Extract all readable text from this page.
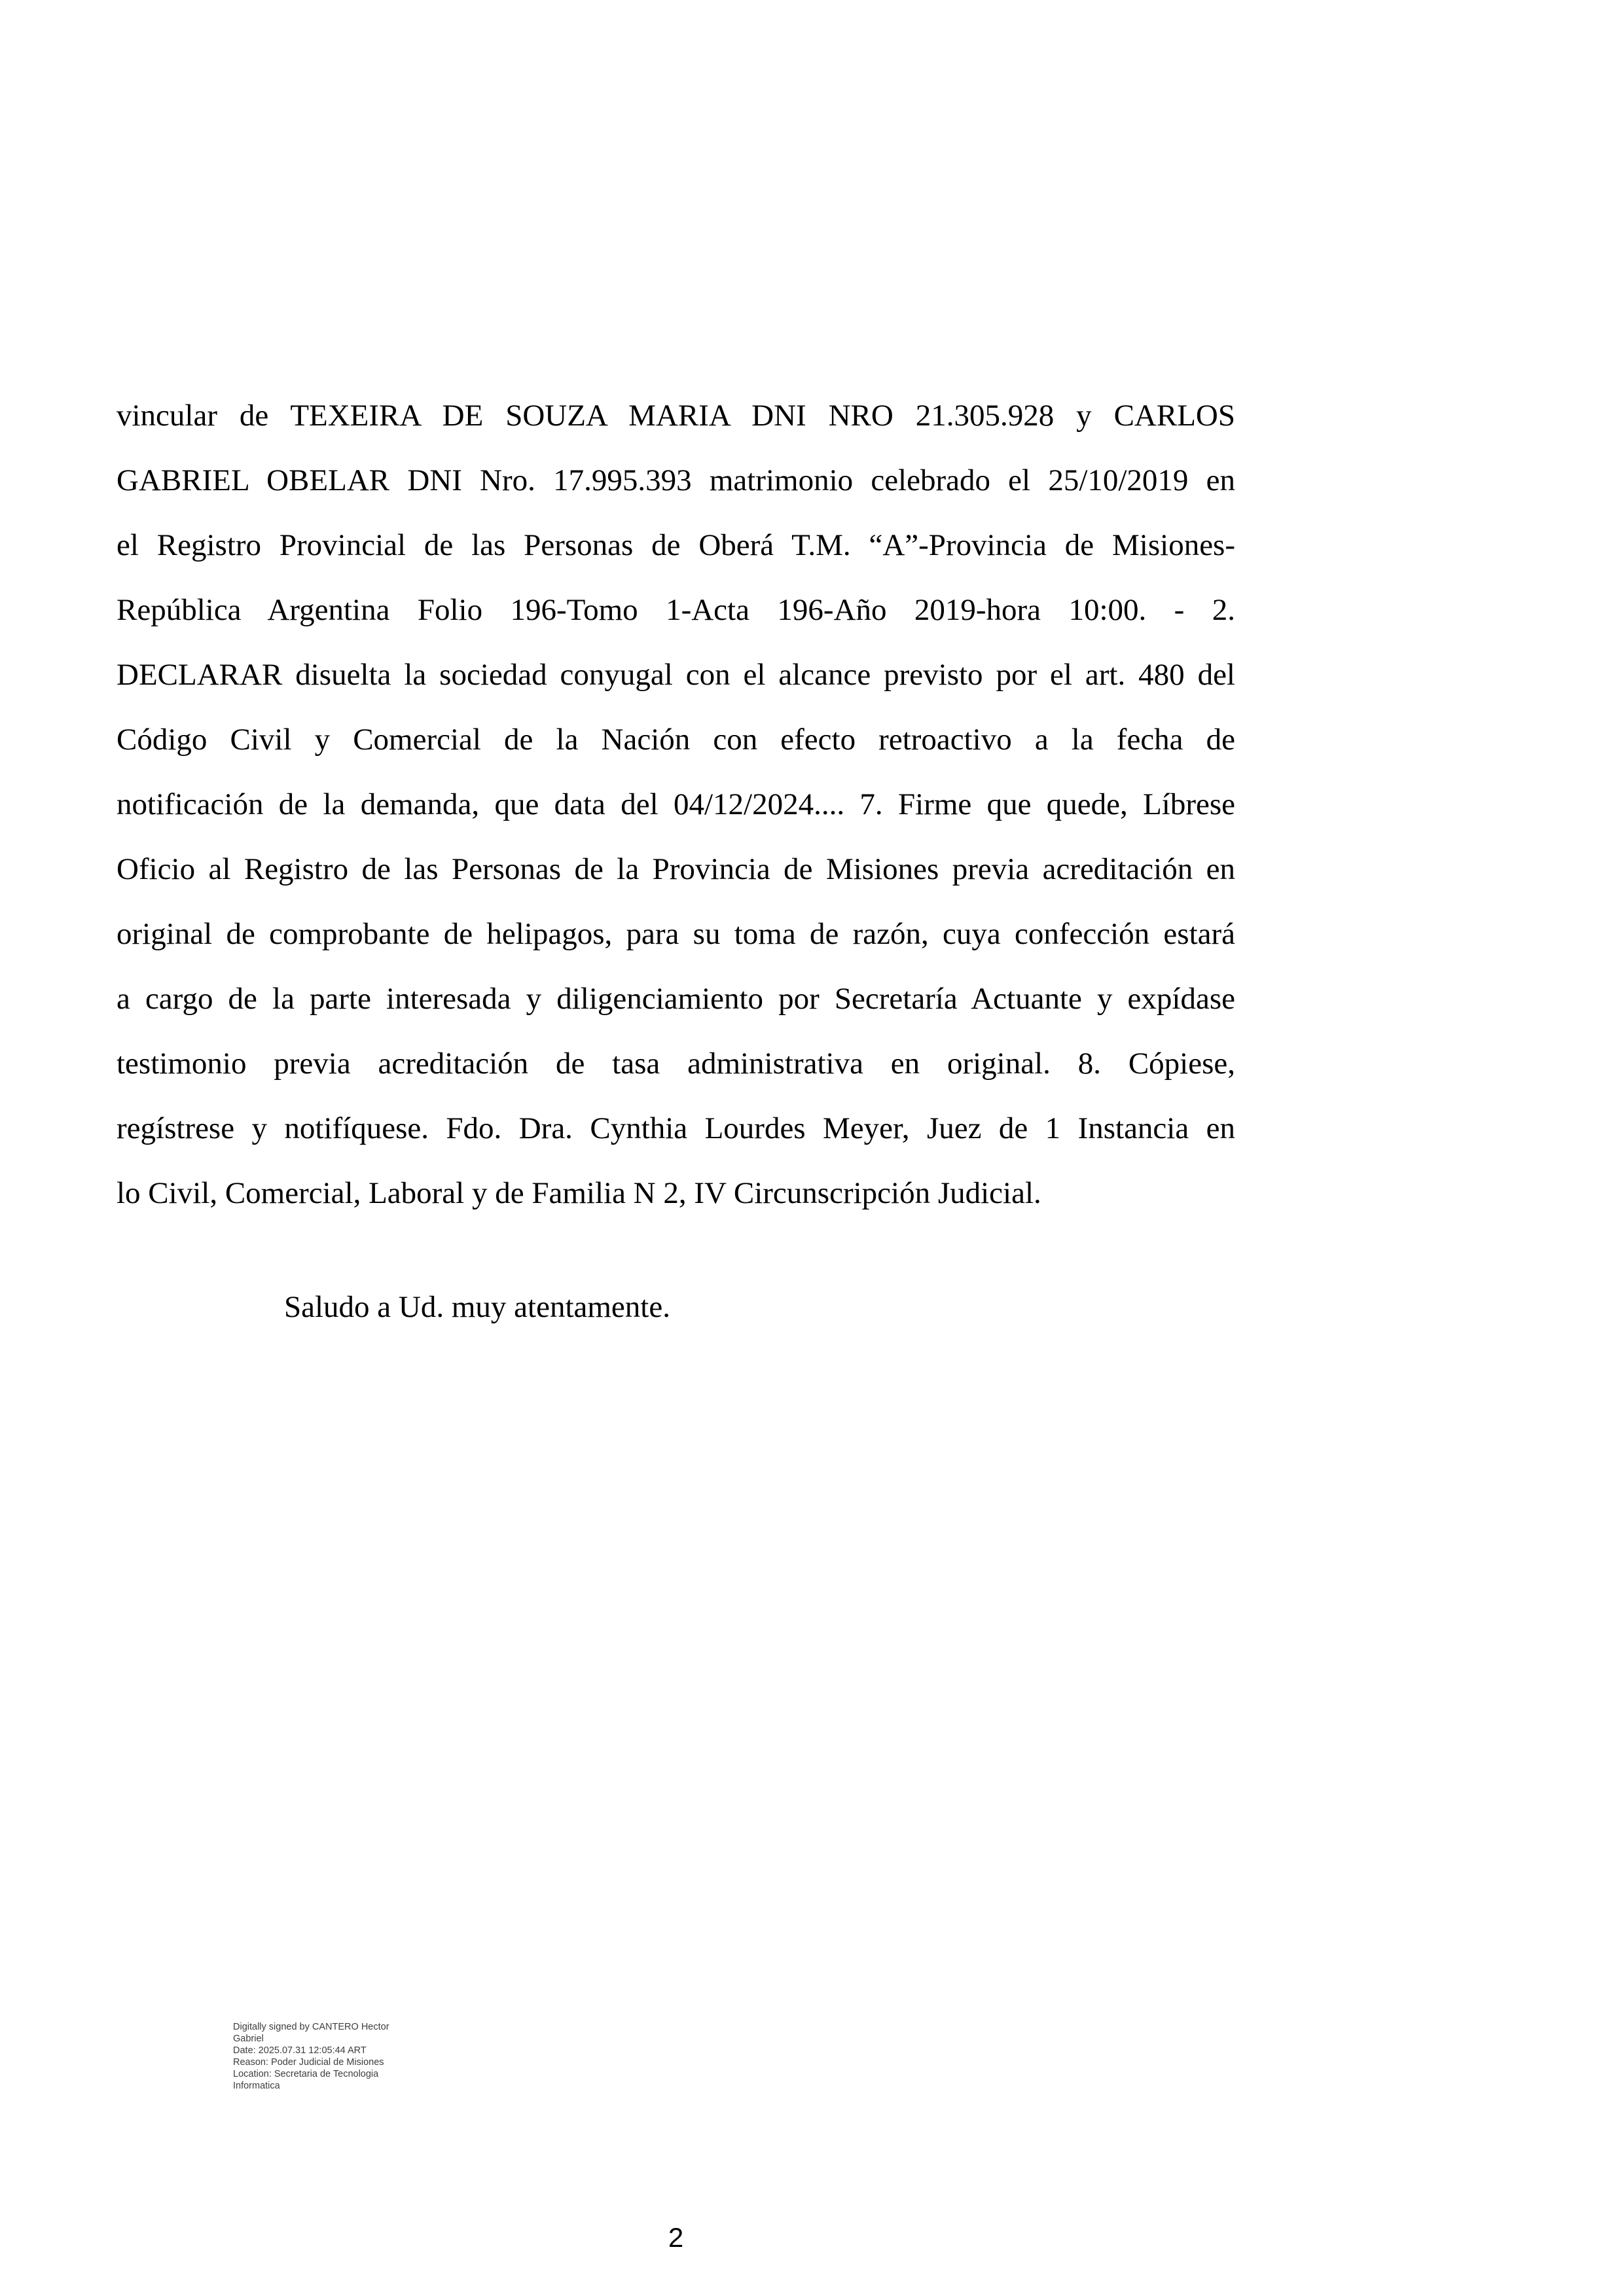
vincular de TEXEIRA DE SOUZA MARIA DNI NRO 21.305.928 y CARLOS
GABRIEL OBELAR DNI Nro. 17.995.393 matrimonio celebrado el 25/10/2019 en
el Registro Provincial de las Personas de Oberá T.M. “A”-Provincia de Misiones-
República Argentina Folio 196-Tomo 1-Acta 196-Año 2019-hora 10:00. - 2.
DECLARAR disuelta la sociedad conyugal con el alcance previsto por el art. 480 del
Código Civil y Comercial de la Nación con efecto retroactivo a la fecha de
notificación de la demanda, que data del 04/12/2024.... 7. Firme que quede, Líbrese
Oficio al Registro de las Personas de la Provincia de Misiones previa acreditación en
original de comprobante de helipagos, para su toma de razón, cuya confección estará
a cargo de la parte interesada y diligenciamiento por Secretaría Actuante y expídase
testimonio previa acreditación de tasa administrativa en original. 8. Cópiese,
regístrese y notifíquese. Fdo. Dra. Cynthia Lourdes Meyer, Juez de 1 Instancia en
lo Civil, Comercial, Laboral y de Familia N 2, IV Circunscripción Judicial.
Saludo a Ud. muy atentamente.
Digitally signed by CANTERO Hector
Gabriel
Date: 2025.07.31 12:05:44 ART
Reason: Poder Judicial de Misiones
Location: Secretaria de Tecnologia
Informatica
2
